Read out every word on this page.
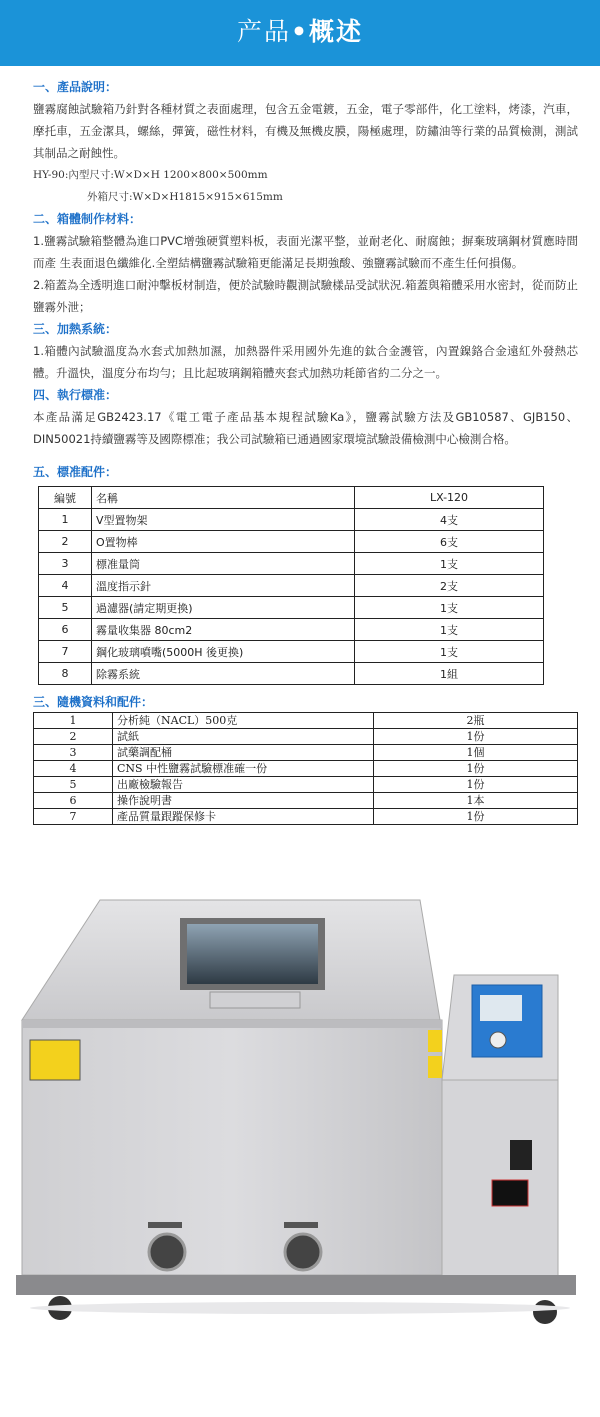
产品•概述
一、產品說明：

鹽霧腐蝕試驗箱乃針對各種材質之表面處理，包含五金電鍍，五金，電子零部件，化工塗料，烤漆，汽車，摩托車，五金潔具，螺絲，彈簧，磁性材料，有機及無機皮膜，陽極處理，防鏽油等行業的品質檢測，測試其制品之耐蝕性。

HY-90:內型尺寸:W×D×H 1200×800×500mm

外箱尺寸:W×D×H1815×915×615mm

二、箱體制作材料：

1.鹽霧試驗箱整體為進口PVC增強硬質塑料板，表面光潔平整，並耐老化、耐腐蝕；摒棄玻璃鋼材質應時間而產 生表面退色纖維化.全塑結構鹽霧試驗箱更能滿足長期強酸、強鹽霧試驗而不產生任何損傷。

2.箱蓋為全透明進口耐沖擊板材制造，便於試驗時觀測試驗樣品受試狀況.箱蓋與箱體采用水密封，從而防止鹽霧外泄；

三、加熱系統：

1.箱體內試驗溫度為水套式加熱加濕，加熱器件采用國外先進的鈦合金護管，內置鎳鉻合金遠紅外發熱芯體。升溫快，溫度分布均勻；且比起玻璃鋼箱體夾套式加熱功耗節省約二分之一。

四、執行標准：

本產品滿足GB2423.17《電工電子產品基本規程試驗Ka》，鹽霧試驗方法及GB10587、GJB150、DIN50021持續鹽霧等及國際標准；我公司試驗箱已通過國家環境試驗設備檢測中心檢測合格。

五、標准配件：
編號	名稱	LX-120
1	V型置物架	4支
2	O置物棒	6支
3	標准量筒	1支
4	溫度指示針	2支
5	過濾器(請定期更換)	1支
6	霧量收集器 80cm2	1支
7	鋼化玻璃噴嘴(5000H 後更換)	1支
8	除霧系統	1組
三、隨機資料和配件：
1	分析純（NACL）500克	2瓶
2	試紙	1份
3	試藥調配桶	1個
4	CNS 中性鹽霧試驗標准確一份	1份
5	出廠檢驗報告	1份
6	操作說明書	1本
7	產品質量跟蹤保修卡	1份
